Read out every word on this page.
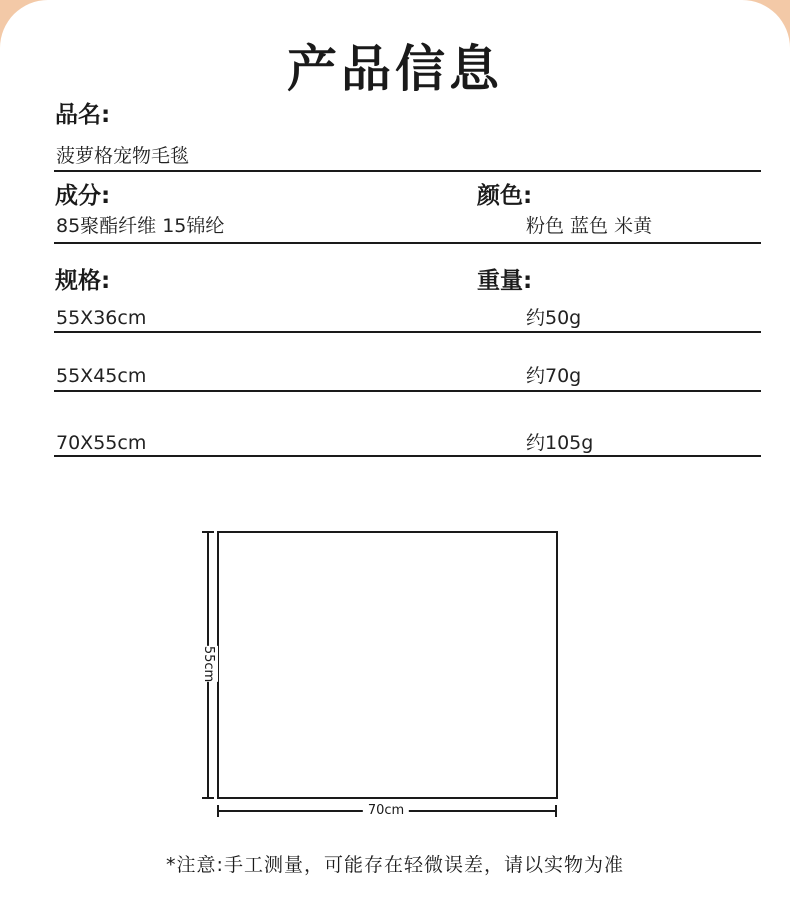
产品信息
品名:
菠萝格宠物毛毯
成分:	颜色:
85聚酯纤维 15锦纶	粉色 蓝色 米黄
规格:	重量:
55X36cm	约50g
55X45cm	约70g
70X55cm	约105g
55cm
70cm
*注意:手工测量，可能存在轻微误差，请以实物为准
